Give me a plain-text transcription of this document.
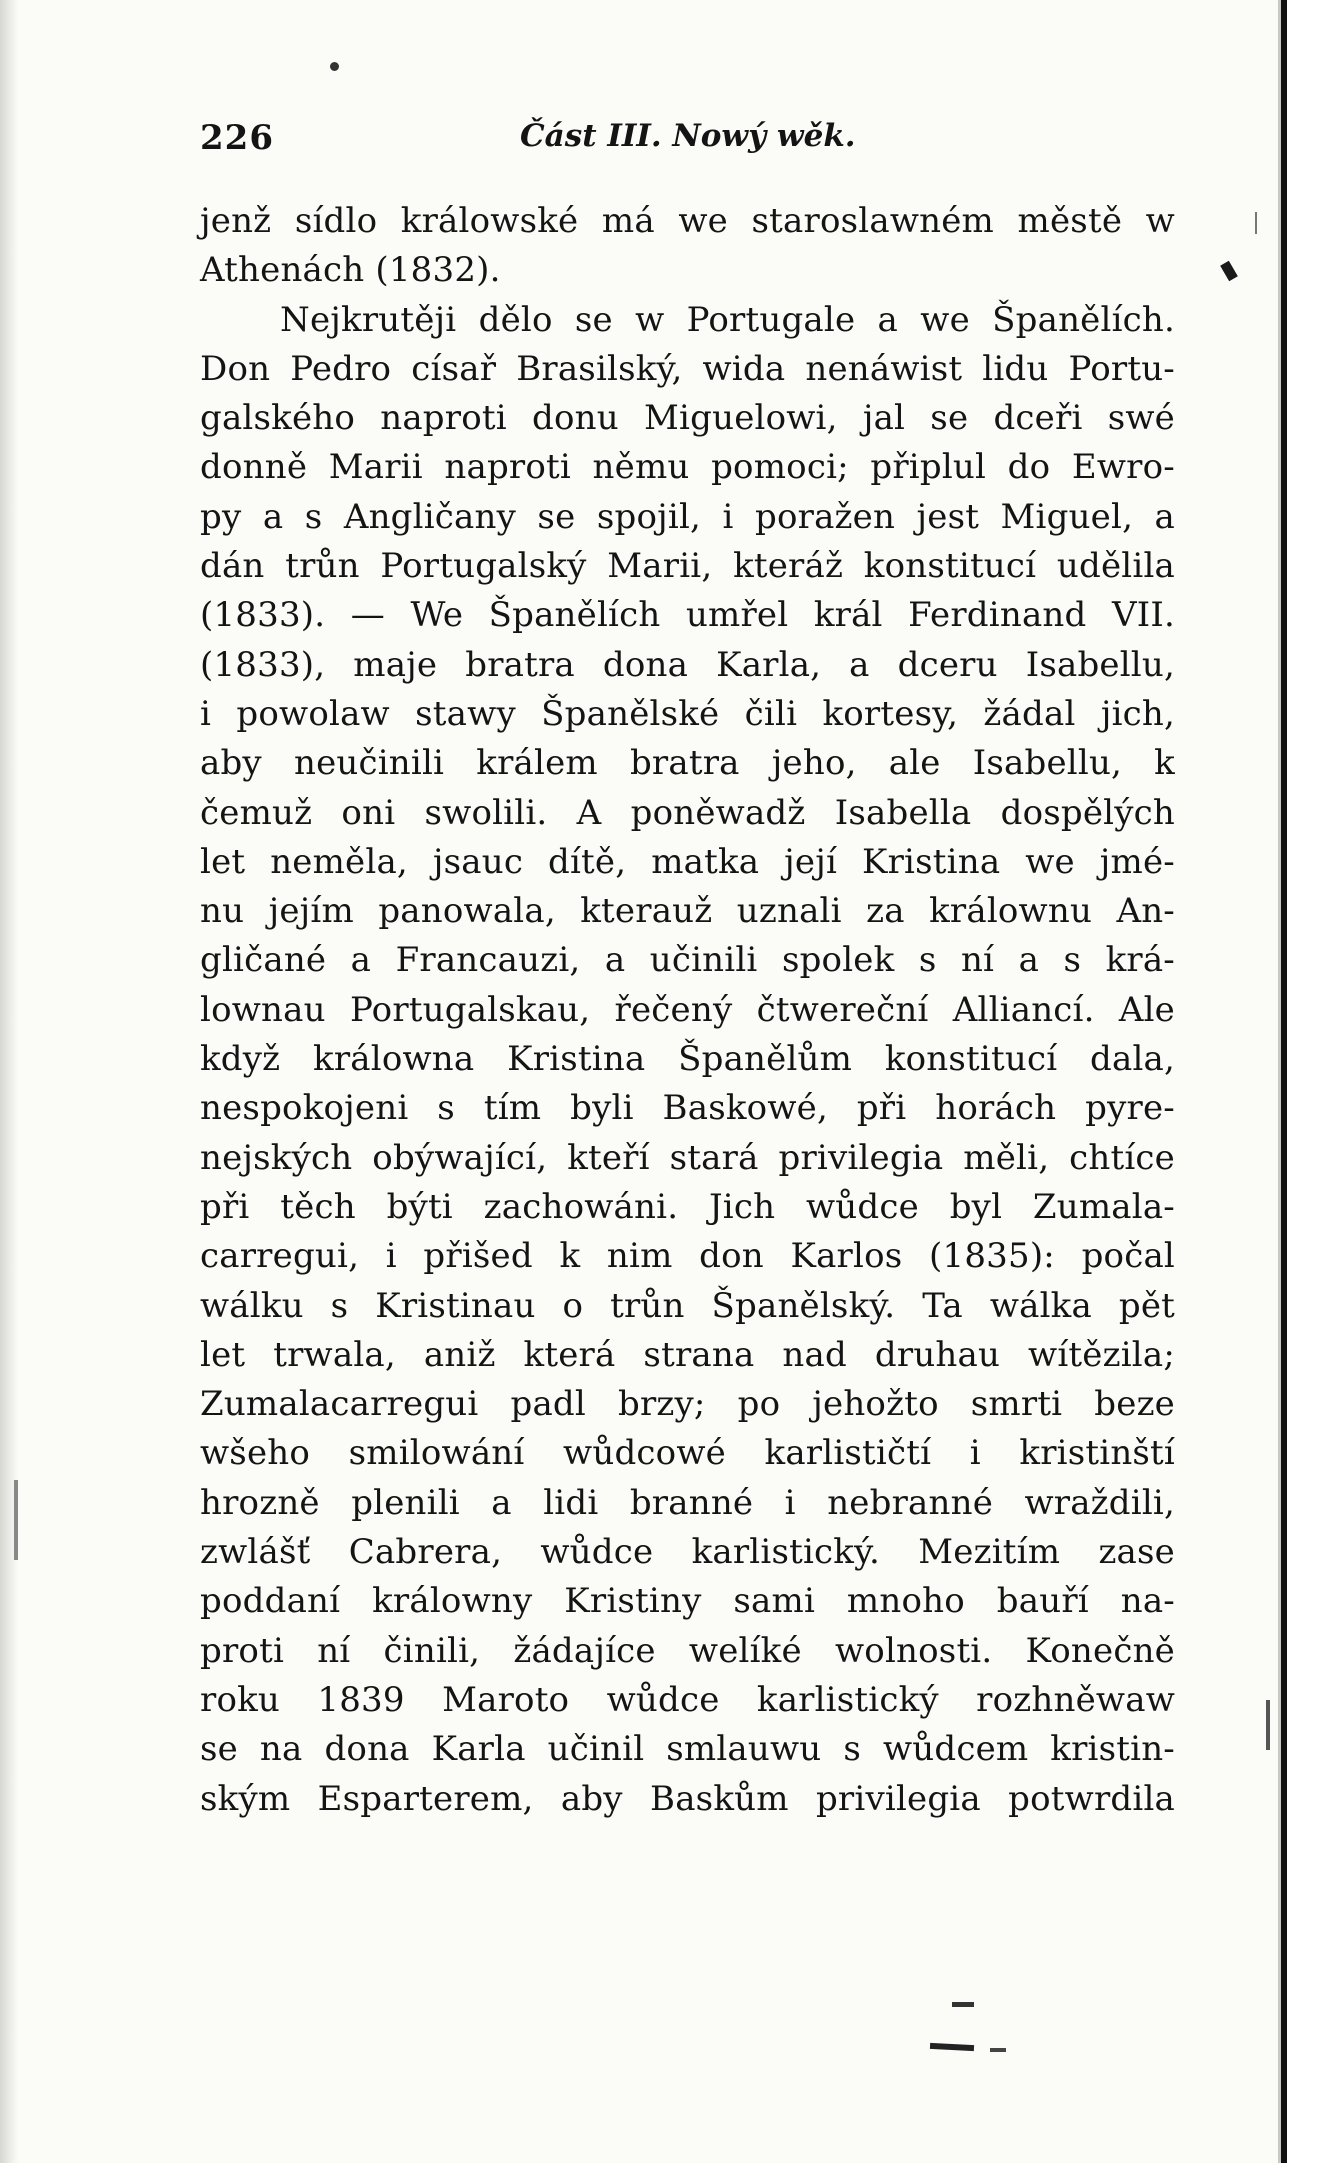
226	Část III. Nowý wěk.
jenž sídlo králowské má we staroslawném městě w
Athenách (1832).
Nejkrutěji dělo se w Portugale a we Španělích.
Don Pedro císař Brasilský, wida nenáwist lidu Portu-
galského naproti donu Miguelowi, jal se dceři swé
donně Marii naproti němu pomoci; připlul do Ewro-
py a s Angličany se spojil, i poražen jest Miguel, a
dán trůn Portugalský Marii, kteráž konstitucí udělila
(1833). — We Španělích umřel král Ferdinand VII.
(1833), maje bratra dona Karla, a dceru Isabellu,
i powolaw stawy Španělské čili kortesy, žádal jich,
aby neučinili králem bratra jeho, ale Isabellu, k
čemuž oni swolili. A poněwadž Isabella dospělých
let neměla, jsauc dítě, matka její Kristina we jmé-
nu jejím panowala, kterauž uznali za králownu An-
gličané a Francauzi, a učinili spolek s ní a s krá-
lownau Portugalskau, řečený čtwereční Alliancí. Ale
když králowna Kristina Španělům konstitucí dala,
nespokojeni s tím byli Baskowé, při horách pyre-
nejských obýwající, kteří stará privilegia měli, chtíce
při těch býti zachowáni. Jich wůdce byl Zumala-
carregui, i přišed k nim don Karlos (1835): počal
wálku s Kristinau o trůn Španělský. Ta wálka pět
let trwala, aniž která strana nad druhau wítězila;
Zumalacarregui padl brzy; po jehožto smrti beze
wšeho smilowání wůdcowé karlističtí i kristinští
hrozně plenili a lidi branné i nebranné wraždili,
zwlášť Cabrera, wůdce karlistický. Mezitím zase
poddaní králowny Kristiny sami mnoho bauří na-
proti ní činili, žádajíce welíké wolnosti. Konečně
roku 1839 Maroto wůdce karlistický rozhněwaw
se na dona Karla učinil smlauwu s wůdcem kristin-
ským Esparterem, aby Baskům privilegia potwrdila
